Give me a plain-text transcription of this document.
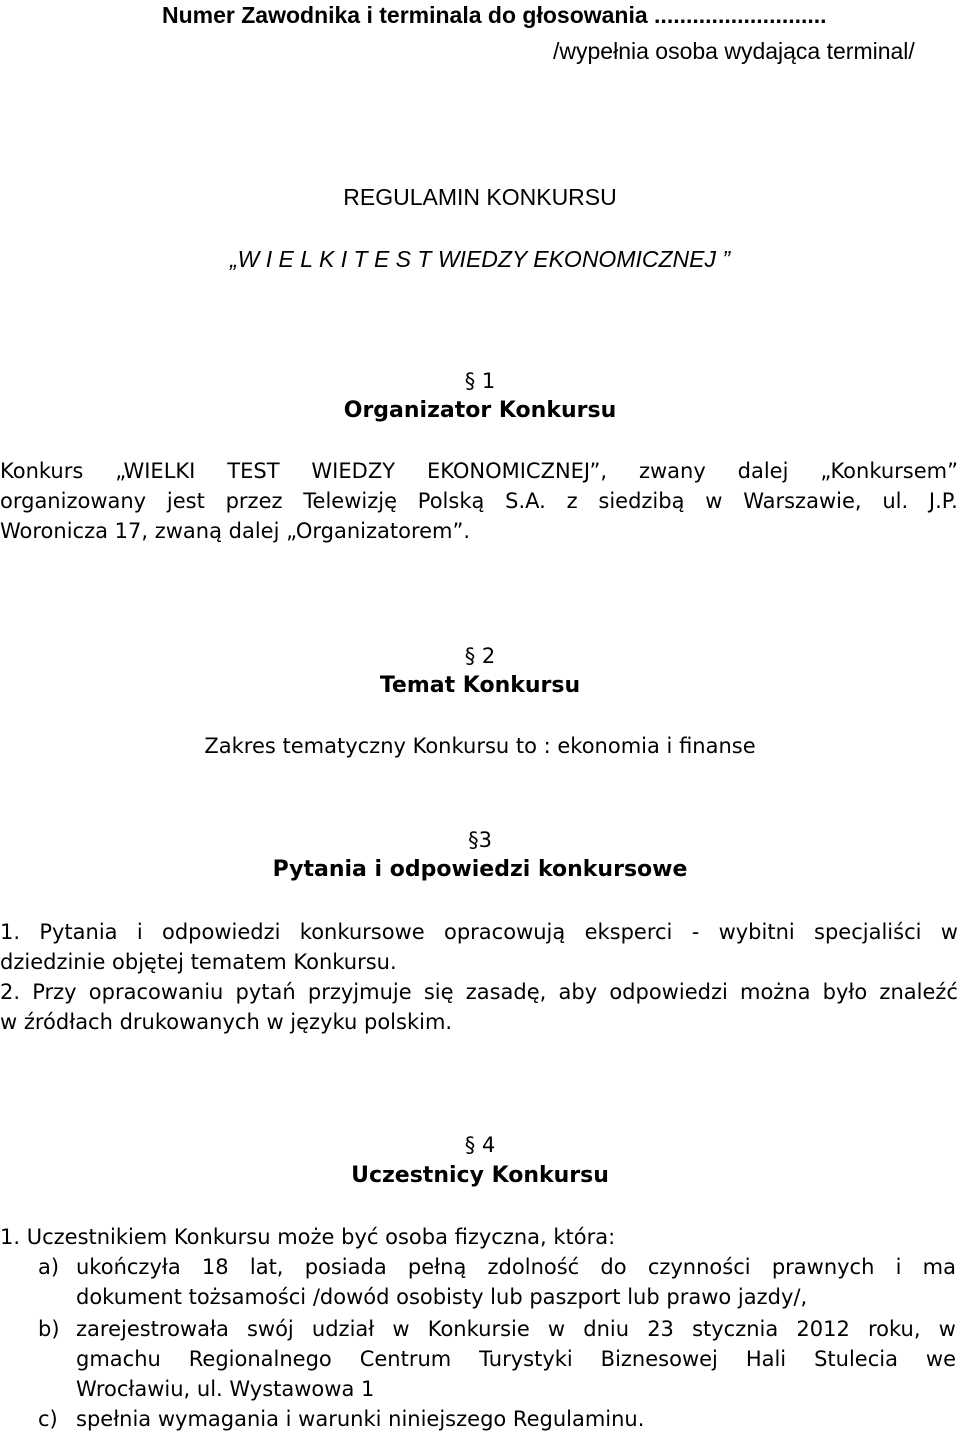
Numer Zawodnika i terminala do głosowania ...........................
/wypełnia osoba wydająca terminal/
REGULAMIN KONKURSU
„W I E L K I T E S T WIEDZY EKONOMICZNEJ ”
§ 1
Organizator Konkursu
Konkurs „WIELKI TEST WIEDZY EKONOMICZNEJ”, zwany dalej „Konkursem”
organizowany jest przez Telewizję Polską S.A. z siedzibą w Warszawie, ul. J.P.
Woronicza 17, zwaną dalej „Organizatorem”.
§ 2
Temat Konkursu
Zakres tematyczny Konkursu to : ekonomia i finanse
§3
Pytania i odpowiedzi konkursowe
1. Pytania i odpowiedzi konkursowe opracowują eksperci - wybitni specjaliści w
dziedzinie objętej tematem Konkursu.
2. Przy opracowaniu pytań przyjmuje się zasadę, aby odpowiedzi można było znaleźć
w źródłach drukowanych w języku polskim.
§ 4
Uczestnicy Konkursu
1. Uczestnikiem Konkursu może być osoba fizyczna, która:
a) ukończyła 18 lat, posiada pełną zdolność do czynności prawnych i ma
dokument tożsamości /dowód osobisty lub paszport lub prawo jazdy/,
b) zarejestrowała swój udział w Konkursie w dniu 23 stycznia 2012 roku, w
gmachu Regionalnego Centrum Turystyki Biznesowej Hali Stulecia we
Wrocławiu, ul. Wystawowa 1
c) spełnia wymagania i warunki niniejszego Regulaminu.
